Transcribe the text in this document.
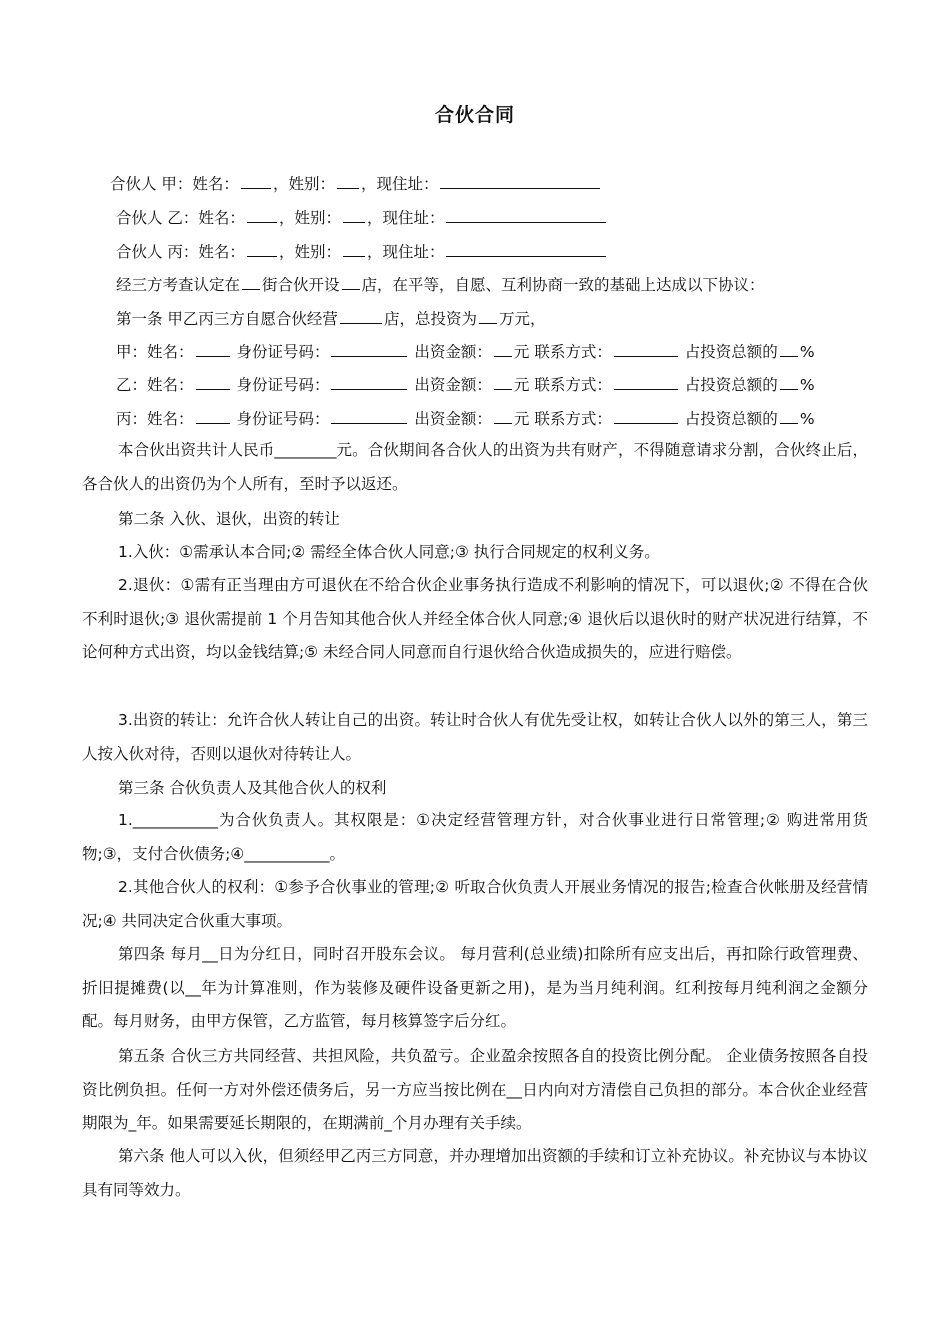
合伙合同
合伙人 甲：姓名： ，姓别： ，现住址：
合伙人 乙：姓名： ，姓别： ，现住址：
合伙人 丙：姓名： ，姓别： ，现住址：
经三方考查认定在 街合伙开设 店，在平等，自愿、互利协商一致的基础上达成以下协议：
第一条 甲乙丙三方自愿合伙经营	店，总投资为 万元，
甲：姓名：	身份证号码：	出资金额： 元 联系方式：	占投资总额的 %
乙：姓名：	身份证号码：	出资金额： 元 联系方式：	占投资总额的 %
丙：姓名：	身份证号码：	出资金额： 元 联系方式：	占投资总额的 %
本合伙出资共计人民币________元。合伙期间各合伙人的出资为共有财产，不得随意请求分割，合伙终止后，各合伙人的出资仍为个人所有，至时予以返还。
第二条 入伙、退伙，出资的转让
1.入伙：①需承认本合同;② 需经全体合伙人同意;③ 执行合同规定的权利义务。
2.退伙：①需有正当理由方可退伙在不给合伙企业事务执行造成不利影响的情况下，可以退伙;② 不得在合伙不利时退伙;③ 退伙需提前 1 个月告知其他合伙人并经全体合伙人同意;④ 退伙后以退伙时的财产状况进行结算，不论何种方式出资，均以金钱结算;⑤ 未经合同人同意而自行退伙给合伙造成损失的，应进行赔偿。
3.出资的转让：允许合伙人转让自己的出资。转让时合伙人有优先受让权，如转让合伙人以外的第三人，第三人按入伙对待，否则以退伙对待转让人。
第三条 合伙负责人及其他合伙人的权利
1.___________为合伙负责人。其权限是：①决定经营管理方针，对合伙事业进行日常管理;② 购进常用货物;③，支付合伙债务;④___________。
2.其他合伙人的权利：①参予合伙事业的管理;② 听取合伙负责人开展业务情况的报告;检查合伙帐册及经营情况;④ 共同决定合伙重大事项。
第四条 每月__日为分红日，同时召开股东会议。 每月营利(总业绩)扣除所有应支出后，再扣除行政管理费、折旧提摊费(以__年为计算准则，作为装修及硬件设备更新之用)，是为当月纯利润。红利按每月纯利润之金额分配。每月财务，由甲方保管，乙方监管，每月核算签字后分红。
第五条 合伙三方共同经营、共担风险，共负盈亏。企业盈余按照各自的投资比例分配。 企业债务按照各自投资比例负担。任何一方对外偿还债务后，另一方应当按比例在__日内向对方清偿自己负担的部分。本合伙企业经营期限为_年。如果需要延长期限的，在期满前_个月办理有关手续。
第六条 他人可以入伙，但须经甲乙丙三方同意，并办理增加出资额的手续和订立补充协议。补充协议与本协议具有同等效力。
